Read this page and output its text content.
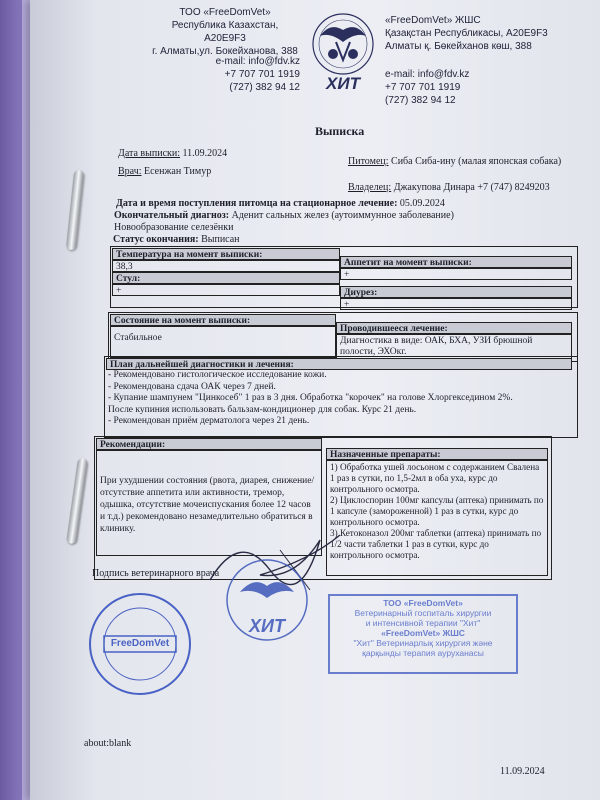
ТОО «FreeDomVet»
Республика Казахстан, A20E9F3
г. Алматы,ул. Бокейханова, 388
e-mail: info@fdv.kz
+7 707 701 1919
(727) 382 94 12	ХИТ
«FreeDomVet» ЖШС
Қазақстан Республикасы, A20E9F3
Алматы қ. Бөкейханов көш, 388
e-mail: info@fdv.kz
+7 707 701 1919
(727) 382 94 12
Выписка
Дата выписки: 11.09.2024
Врач: Есенжан Тимур
Питомец: Сиба Сиба-ину (малая японская собака)
Владелец: Джакупова Динара +7 (747) 8249203
Дата и время поступления питомца на стационарное лечение: 05.09.2024
Окончательный диагноз: Аденит сальных желез (аутоиммунное заболевание)
Новообразование селезёнки
Статус окончания: Выписан
Температура на момент выписки:
38,3	Аппетит на момент выписки:
+
Стул:
+	Диурез:
+
Состояние на момент выписки:
Стабильное
Проводившееся лечение:
Диагностика в виде: ОАК, БХА, УЗИ брюшной полости, ЭХОкг.
План дальнейшей диагностики и лечения:
- Рекомендовано гистологическое исследование кожи.
- Рекомендована сдача ОАК через 7 дней.
- Купание шампунем "Цинкосеб" 1 раз в 3 дня. Обработка "корочек" на голове Хлоргексединoм 2%.
После купиния использовать бальзам-кондиционер для собак. Курс 21 день.
- Рекомендован приём дерматолога через 21 день.
Рекомендации:
При ухудшении состояния (рвота, диарея, снижение/отсутствие аппетита или активности, тремор, одышка, отсутствие мочеиспускания более 12 часов и т.д.) рекомендовано незамедлительно обратиться в клинику.
Назначенные препараты:
1) Обработка ушей лосьоном с содержанием Свалена 1 раз в сутки, по 1,5-2мл в оба уха, курс до контрольного осмотра.
2) Циклоспорин 100мг капсулы (аптека) принимать по 1 капсуле (замороженной) 1 раз в сутки, курс до контрольного осмотра.
3) Кетоконазол 200мг таблетки (аптека) принимать по 1/2 части таблетки 1 раз в сутки, курс до контрольного осмотра.
Подпись ветеринарного врача
FreeDomVet
ХИТ
ТОО «FreeDomVet»
Ветеринарный госпиталь хирургии
и интенсивной терапии "Хит"
«FreeDomVet» ЖШС
"Хит" Ветеринарлық хирургия және
қарқынды терапия ауруханасы
about:blank
11.09.2024
